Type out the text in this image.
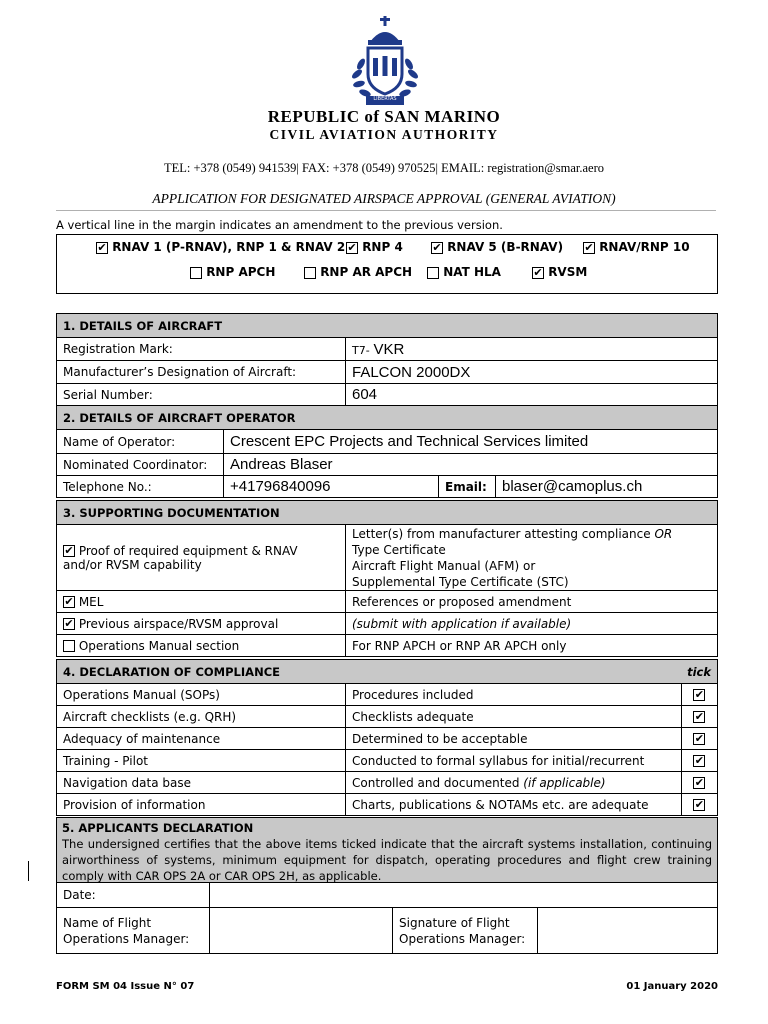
LIBERTAS
REPUBLIC of SAN MARINO
CIVIL AVIATION AUTHORITY
TEL: +378 (0549) 941539| FAX: +378 (0549) 970525| EMAIL: registration@smar.aero
APPLICATION FOR DESIGNATED AIRSPACE APPROVAL (GENERAL AVIATION)
A vertical line in the margin indicates an amendment to the previous version.
✔ RNAV 1 (P-RNAV), RNP 1 & RNAV 2 ✔ RNP 4	✔ RNAV 5 (B-RNAV) ✔ RNAV/RNP 10
RNP APCH	RNP AR APCH	NAT HLA	✔ RVSM
1. DETAILS OF AIRCRAFT	
Registration Mark:	T7- VKR
Manufacturer’s Designation of Aircraft:	FALCON 2000DX
Serial Number:	604
2. DETAILS OF AIRCRAFT OPERATOR			
Name of Operator:	Crescent EPC Projects and Technical Services limited		
Nominated Coordinator:	Andreas Blaser		
Telephone No.:	+41796840096	Email:	blaser@camoplus.ch
3. SUPPORTING DOCUMENTATION	
✔ Proof of required equipment & RNAV and/or RVSM capability	Letter(s) from manufacturer attesting compliance OR
Type Certificate
Aircraft Flight Manual (AFM) or
Supplemental Type Certificate (STC)

✔ MEL	References or proposed amendment
✔ Previous airspace/RVSM approval	(submit with application if available)
Operations Manual section	For RNP APCH or RNP AR APCH only
4. DECLARATION OF COMPLIANCE		tick
Operations Manual (SOPs)	Procedures included	✔
Aircraft checklists (e.g. QRH)	Checklists adequate	✔
Adequacy of maintenance	Determined to be acceptable	✔
Training - Pilot	Conducted to formal syllabus for initial/recurrent	✔
Navigation data base	Controlled and documented (if applicable)	✔
Provision of information	Charts, publications & NOTAMs etc. are adequate	✔
5. APPLICANTS DECLARATION
The undersigned certifies that the above items ticked indicate that the aircraft systems installation, continuing airworthiness of systems, minimum equipment for dispatch, operating procedures and flight crew training comply with CAR OPS 2A or CAR OPS 2H, as applicable.
Date:			
Name of Flight Operations Manager:		Signature of Flight Operations Manager:	
FORM SM 04 Issue N° 07	01 January 2020
